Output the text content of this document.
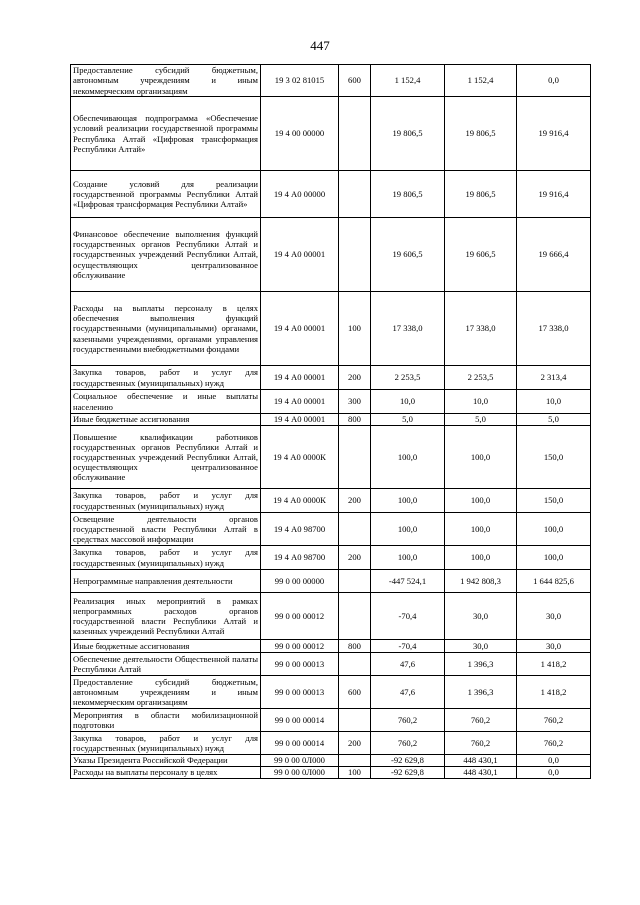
447
Предоставление субсидий бюджетным, автономным учреждениям и иным некоммерческим организациям	19 3 02 81015	600	1 152,4	1 152,4	0,0
Обеспечивающая подпрограмма «Обеспечение условий реализации государственной программы Республика Алтай «Цифровая трансформация Республики Алтай»	19 4 00 00000		19 806,5	19 806,5	19 916,4
Создание условий для реализации государственной программы Республики Алтай «Цифровая трансформация Республики Алтай»	19 4 А0 00000		19 806,5	19 806,5	19 916,4
Финансовое обеспечение выполнения функций государственных органов Республики Алтай и государственных учреждений Республики Алтай, осуществляющих централизованное обслуживание	19 4 А0 00001		19 606,5	19 606,5	19 666,4
Расходы на выплаты персоналу в целях обеспечения выполнения функций государственными (муниципальными) органами, казенными учреждениями, органами управления государственными внебюджетными фондами	19 4 А0 00001	100	17 338,0	17 338,0	17 338,0
Закупка товаров, работ и услуг для государственных (муниципальных) нужд	19 4 А0 00001	200	2 253,5	2 253,5	2 313,4
Социальное обеспечение и иные выплаты населению	19 4 А0 00001	300	10,0	10,0	10,0
Иные бюджетные ассигнования	19 4 А0 00001	800	5,0	5,0	5,0
Повышение квалификации работников государственных органов Республики Алтай и государственных учреждений Республики Алтай, осуществляющих централизованное обслуживание	19 4 А0 0000К		100,0	100,0	150,0
Закупка товаров, работ и услуг для государственных (муниципальных) нужд	19 4 А0 0000К	200	100,0	100,0	150,0
Освещение деятельности органов государственной власти Республики Алтай в средствах массовой информации	19 4 А0 98700		100,0	100,0	100,0
Закупка товаров, работ и услуг для государственных (муниципальных) нужд	19 4 А0 98700	200	100,0	100,0	100,0
Непрограммные направления деятельности	99 0 00 00000		-447 524,1	1 942 808,3	1 644 825,6
Реализация иных мероприятий в рамках непрограммных расходов органов государственной власти Республики Алтай и казенных учреждений Республики Алтай	99 0 00 00012		-70,4	30,0	30,0
Иные бюджетные ассигнования	99 0 00 00012	800	-70,4	30,0	30,0
Обеспечение деятельности Общественной палаты Республики Алтай	99 0 00 00013		47,6	1 396,3	1 418,2
Предоставление субсидий бюджетным, автономным учреждениям и иным некоммерческим организациям	99 0 00 00013	600	47,6	1 396,3	1 418,2
Мероприятия в области мобилизационной подготовки	99 0 00 00014		760,2	760,2	760,2
Закупка товаров, работ и услуг для государственных (муниципальных) нужд	99 0 00 00014	200	760,2	760,2	760,2
Указы Президента Российской Федерации	99 0 00 0Л000		-92 629,8	448 430,1	0,0
Расходы на выплаты персоналу в целях	99 0 00 0Л000	100	-92 629,8	448 430,1	0,0
